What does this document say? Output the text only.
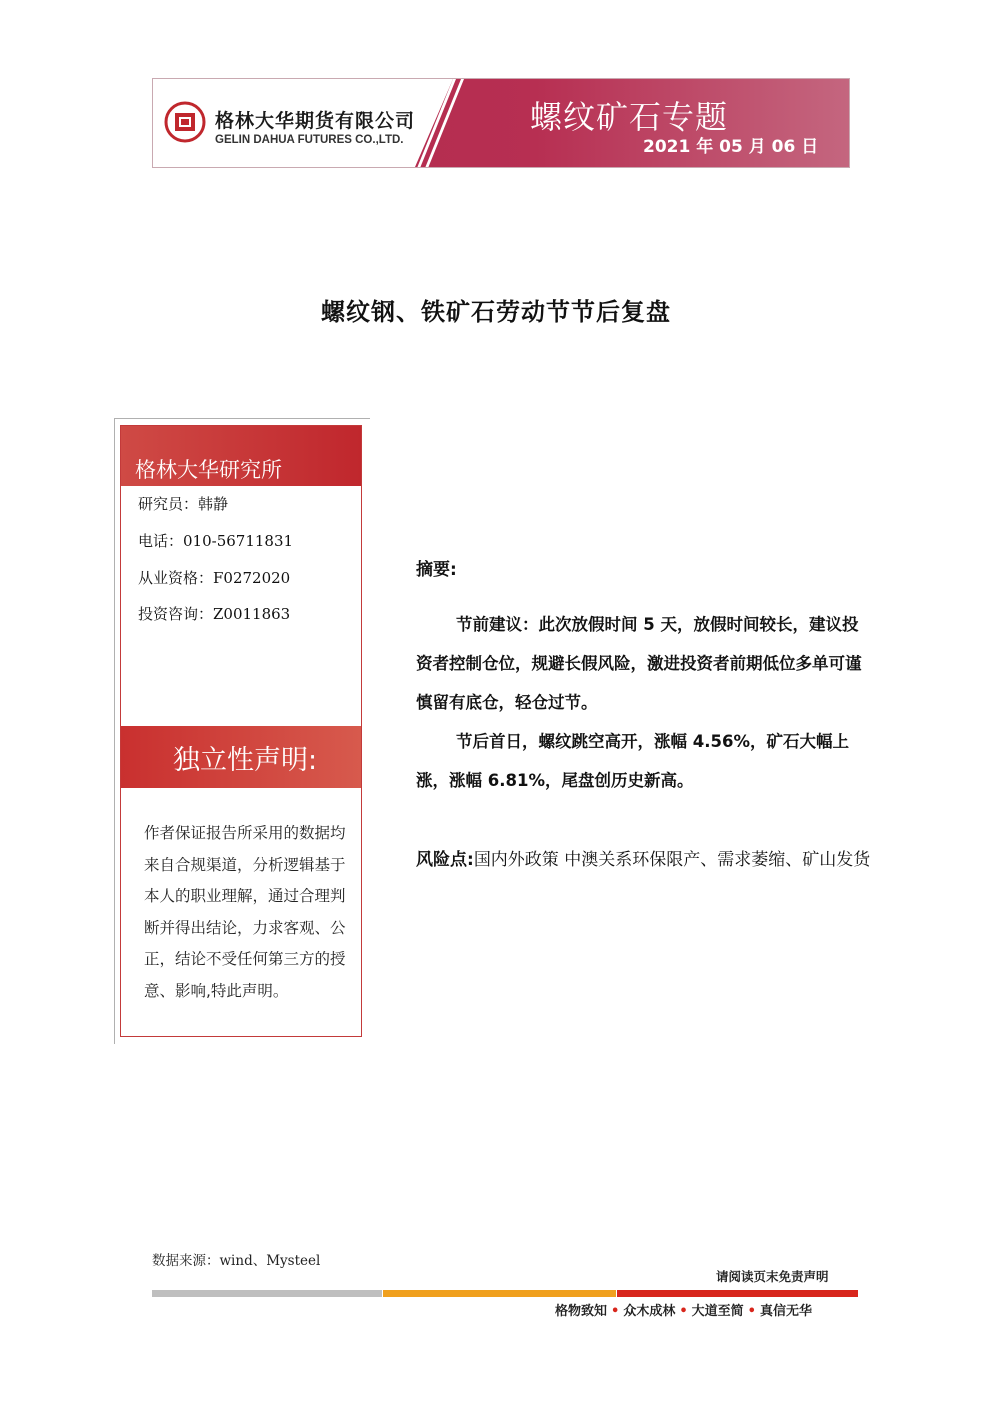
格林大华期货有限公司
GELIN DAHUA FUTURES CO.,LTD.
螺纹矿石专题
2021 年 05 月 06 日
螺纹钢、铁矿石劳动节节后复盘
格林大华研究所
研究员：韩静
电话：010-56711831
从业资格：F0272020
投资咨询：Z0011863
独立性声明:
作者保证报告所采用的数据均来自合规渠道，分析逻辑基于本人的职业理解，通过合理判断并得出结论，力求客观、公正，结论不受任何第三方的授意、影响,特此声明。
摘要:
节前建议：此次放假时间 5 天，放假时间较长，建议投资者控制仓位，规避长假风险，激进投资者前期低位多单可谨慎留有底仓，轻仓过节。
节后首日，螺纹跳空高开，涨幅 4.56%，矿石大幅上涨，涨幅 6.81%，尾盘创历史新高。
风险点:国内外政策 中澳关系环保限产、需求萎缩、矿山发货
数据来源：wind、Mysteel
请阅读页末免责声明
格物致知 • 众木成林 • 大道至简 • 真信无华
